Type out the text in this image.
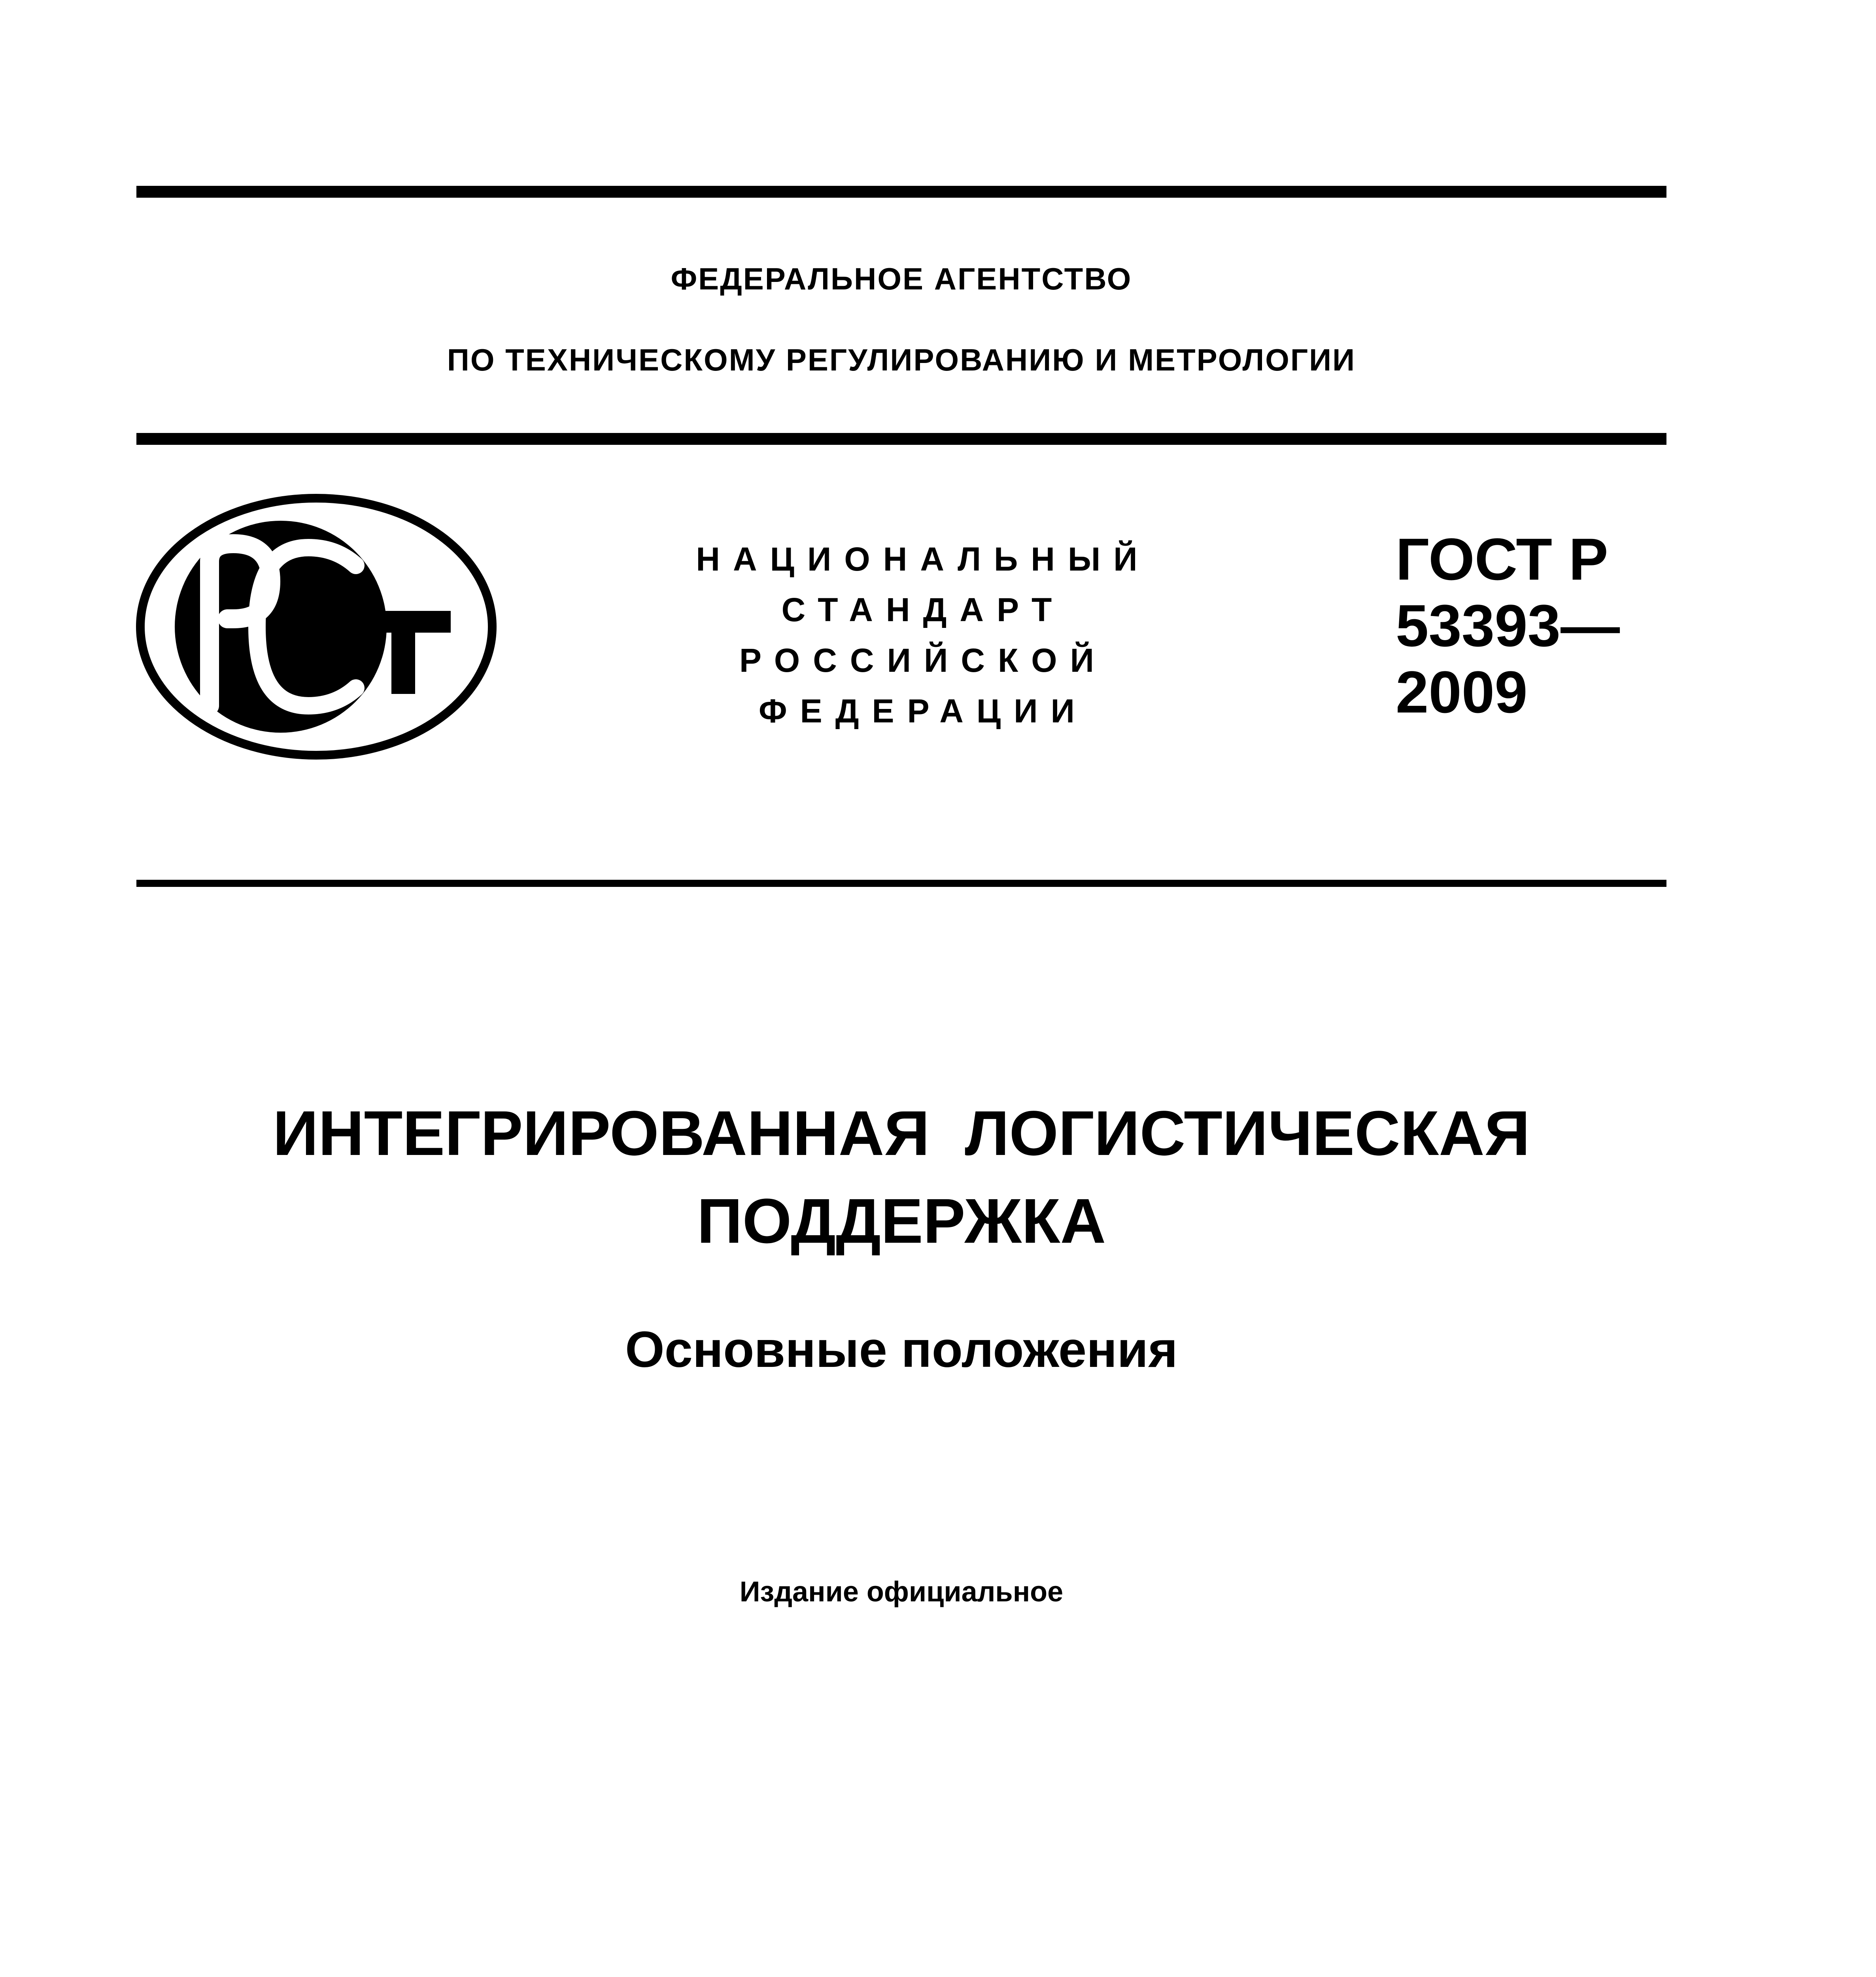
ФЕДЕРАЛЬНОЕ АГЕНТСТВО
ПО ТЕХНИЧЕСКОМУ РЕГУЛИРОВАНИЮ И МЕТРОЛОГИИ
НАЦИОНАЛЬНЫЙ
СТАНДАРТ
РОССИЙСКОЙ
ФЕДЕРАЦИИ
ГОСТ Р
53393—
2009
ИНТЕГРИРОВАННАЯ  ЛОГИСТИЧЕСКАЯ
ПОДДЕРЖКА
Основные положения
Издание официальное
